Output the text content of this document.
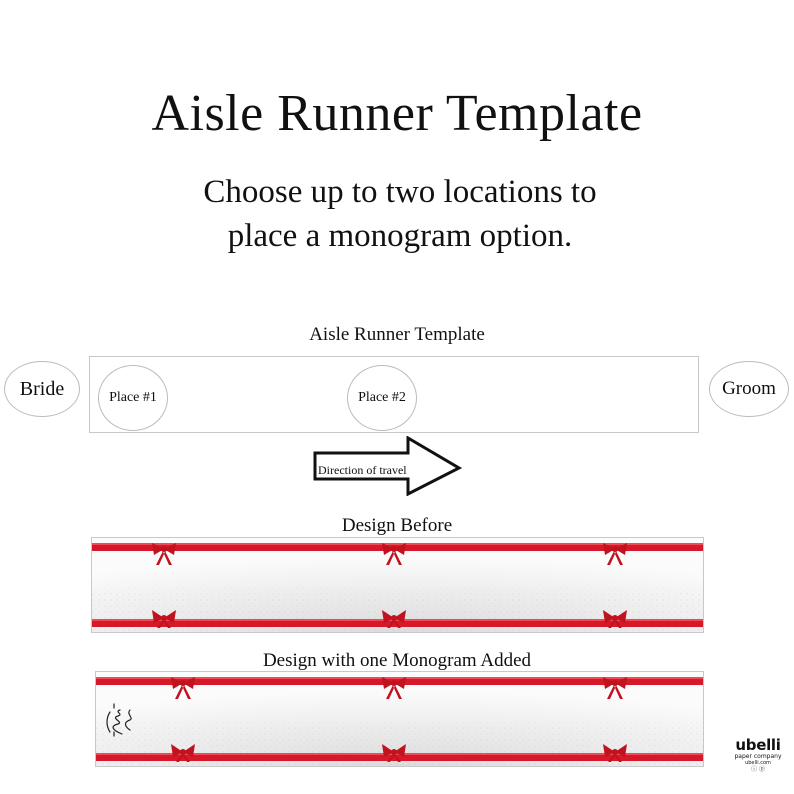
Aisle Runner Template
Choose up to two locations to
place a monogram option.
Aisle Runner Template
Bride	Groom
Place #1	Place #2
Direction of travel
Design Before
Design with one Monogram Added
ubelli
paper company
ubelli.com
ⓘ ⓟ
